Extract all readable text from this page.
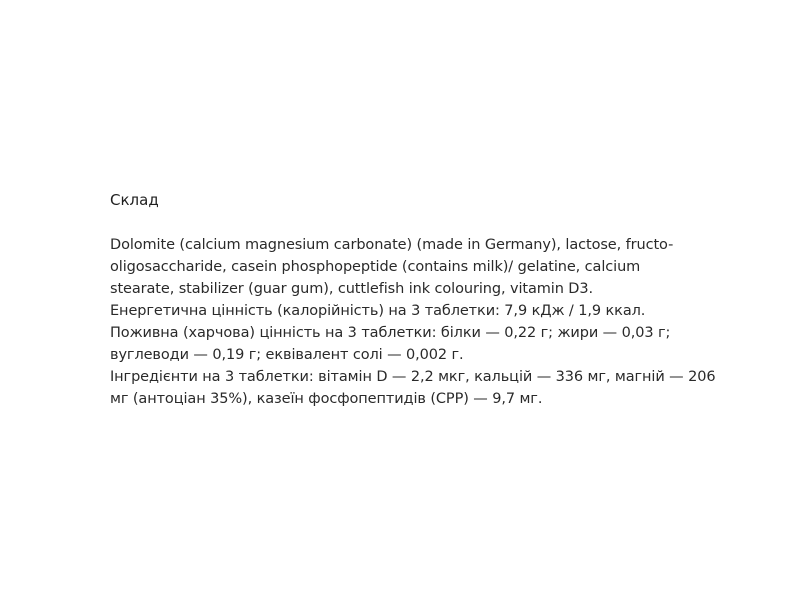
Склад

Dolomite (calcium magnesium carbonate) (made in Germany), lactose, fructo-
oligosaccharide, casein phosphopeptide (contains milk)/ gelatine, calcium
stearate, stabilizer (guar gum), cuttlefish ink colouring, vitamin D3.
Енергетична цінність (калорійність) на 3 таблетки: 7,9 кДж / 1,9 ккал.
Поживна (харчова) цінність на 3 таблетки: білки — 0,22 г; жири — 0,03 г;
вуглеводи — 0,19 г; еквівалент солі — 0,002 г.
Інгредієнти на 3 таблетки: вітамін D — 2,2 мкг, кальцій — 336 мг, магній — 206
мг (антоціан 35%), казеїн фосфопептидів (CPP) — 9,7 мг.
